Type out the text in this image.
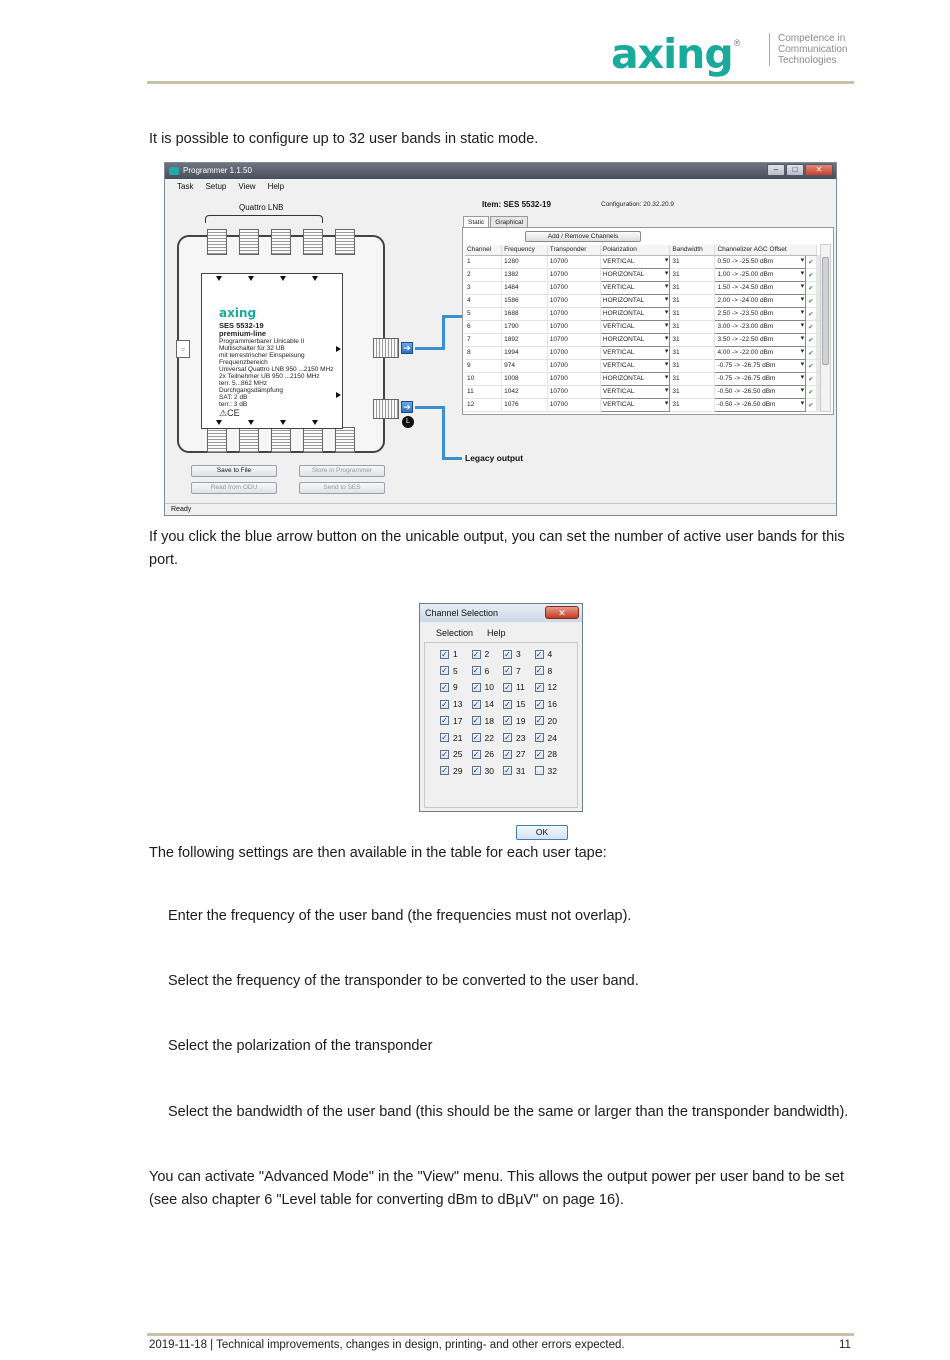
axing ®	Competence in
Communication
Technologies
It is possible to configure up to 32 user bands in static mode.
Programmer 1.1.50	–	□	✕
Task Setup View Help
Quattro LNB
○
axing
SES 5532-19
premium-line
Programmierbarer Unicable II
Multischalter für 32 UB
mit terrestrischer Einspeisung
Frequenzbereich
Universal Quattro LNB 950 ...2150 MHz
2x Teilnehmer UB 950 ...2150 MHz
terr. 5...862 MHz
Durchgangsdämpfung
SAT: 2 dB
terr.: 3 dB
⚠CE
➔
➔
L
Legacy output
Save to File	Store in Programmer
Read from ODU	Send to SES
Item: SES 5532-19	Configuration: 20.32.20.9
Static	Graphical
Add / Remove Channels
Channel	Frequency	Transponder	Polarization	Bandwidth	Channelizer AGC Offset		
1	1280	10700	VERTICAL ▾	31	0.50 -> -25.50 dBm ▾	✔	
2	1382	10700	HORIZONTAL ▾	31	1.00 -> -25.00 dBm ▾	✔	
3	1484	10700	VERTICAL ▾	31	1.50 -> -24.50 dBm ▾	✔	
4	1586	10700	HORIZONTAL ▾	31	2.00 -> -24.00 dBm ▾	✔	
5	1688	10700	HORIZONTAL ▾	31	2.50 -> -23.50 dBm ▾	✔	
6	1790	10700	VERTICAL ▾	31	3.00 -> -23.00 dBm ▾	✔	
7	1892	10700	HORIZONTAL ▾	31	3.50 -> -22.50 dBm ▾	✔	
8	1994	10700	VERTICAL ▾	31	4.00 -> -22.00 dBm ▾	✔	
9	974	10700	VERTICAL ▾	31	-0.75 -> -26.75 dBm ▾	✔	
10	1008	10700	HORIZONTAL ▾	31	-0.75 -> -26.75 dBm ▾	✔	
11	1042	10700	VERTICAL ▾	31	-0.50 -> -26.50 dBm ▾	✔	
12	1076	10700	VERTICAL ▾	31	-0.50 -> -26.50 dBm ▾	✔	
Ready
If you click the blue arrow button on the unicable output, you can set the number of active user bands for this port.
Channel Selection	✕
Selection Help
OK
✓ 1 ✓ 2 ✓ 3 ✓ 4
✓ 5 ✓ 6 ✓ 7 ✓ 8
✓ 9 ✓ 10 ✓ 11 ✓ 12
✓ 13 ✓ 14 ✓ 15 ✓ 16
✓ 17 ✓ 18 ✓ 19 ✓ 20
✓ 21 ✓ 22 ✓ 23 ✓ 24
✓ 25 ✓ 26 ✓ 27 ✓ 28
✓ 29 ✓ 30 ✓ 31	32
The following settings are then available in the table for each user tape:
Enter the frequency of the user band (the frequencies must not overlap).
Select the frequency of the transponder to be converted to the user band.
Select the polarization of the transponder
Select the bandwidth of the user band (this should be the same or larger than the transponder bandwidth).
You can activate "Advanced Mode" in the "View" menu. This allows the output power per user band to be set (see also chapter 6 "Level table for converting dBm to dBµV" on page 16).
2019-11-18 | Technical improvements, changes in design, printing- and other errors expected.	11
